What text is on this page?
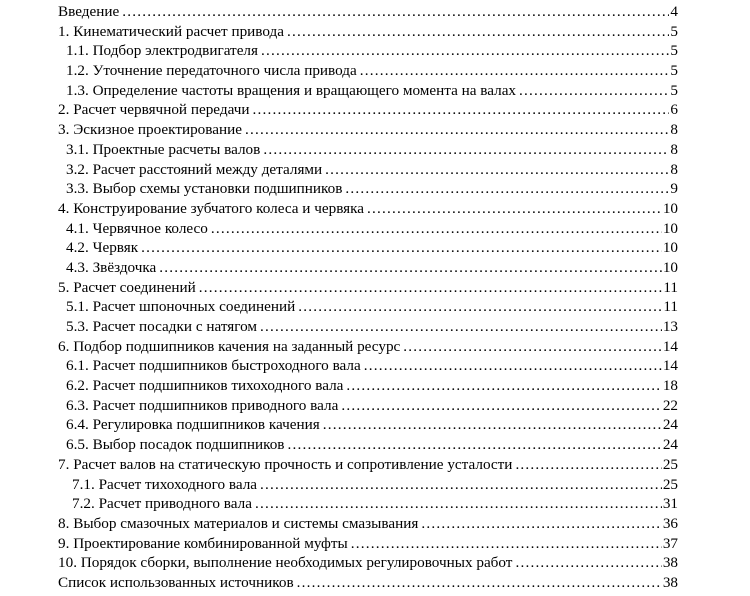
Введение .....	4
1. Кинематический расчет привода .....	5
1.1. Подбор электродвигателя .....	5
1.2. Уточнение передаточного числа привода .....	5
1.3. Определение частоты вращения и вращающего момента на валах .....	5
2. Расчет червячной передачи .....	6
3. Эскизное проектирование .....	8
3.1. Проектные расчеты валов .....	8
3.2. Расчет расстояний между деталями .....	8
3.3. Выбор схемы установки подшипников .....	9
4. Конструирование зубчатого колеса и червяка .....	10
4.1. Червячное колесо .....	10
4.2. Червяк .....	10
4.3. Звёздочка .....	10
5. Расчет соединений .....	11
5.1. Расчет шпоночных соединений .....	11
5.3. Расчет посадки с натягом .....	13
6. Подбор подшипников качения на заданный ресурс .....	14
6.1. Расчет подшипников быстроходного вала .....	14
6.2. Расчет подшипников тихоходного вала .....	18
6.3. Расчет подшипников приводного вала .....	22
6.4. Регулировка подшипников качения .....	24
6.5. Выбор посадок подшипников .....	24
7. Расчет валов на статическую прочность и сопротивление усталости .....	25
7.1. Расчет тихоходного вала .....	25
7.2. Расчет приводного вала .....	31
8. Выбор смазочных материалов и системы смазывания .....	36
9. Проектирование комбинированной муфты .....	37
10. Порядок сборки, выполнение необходимых регулировочных работ .....	38
Список использованных источников .....	38
